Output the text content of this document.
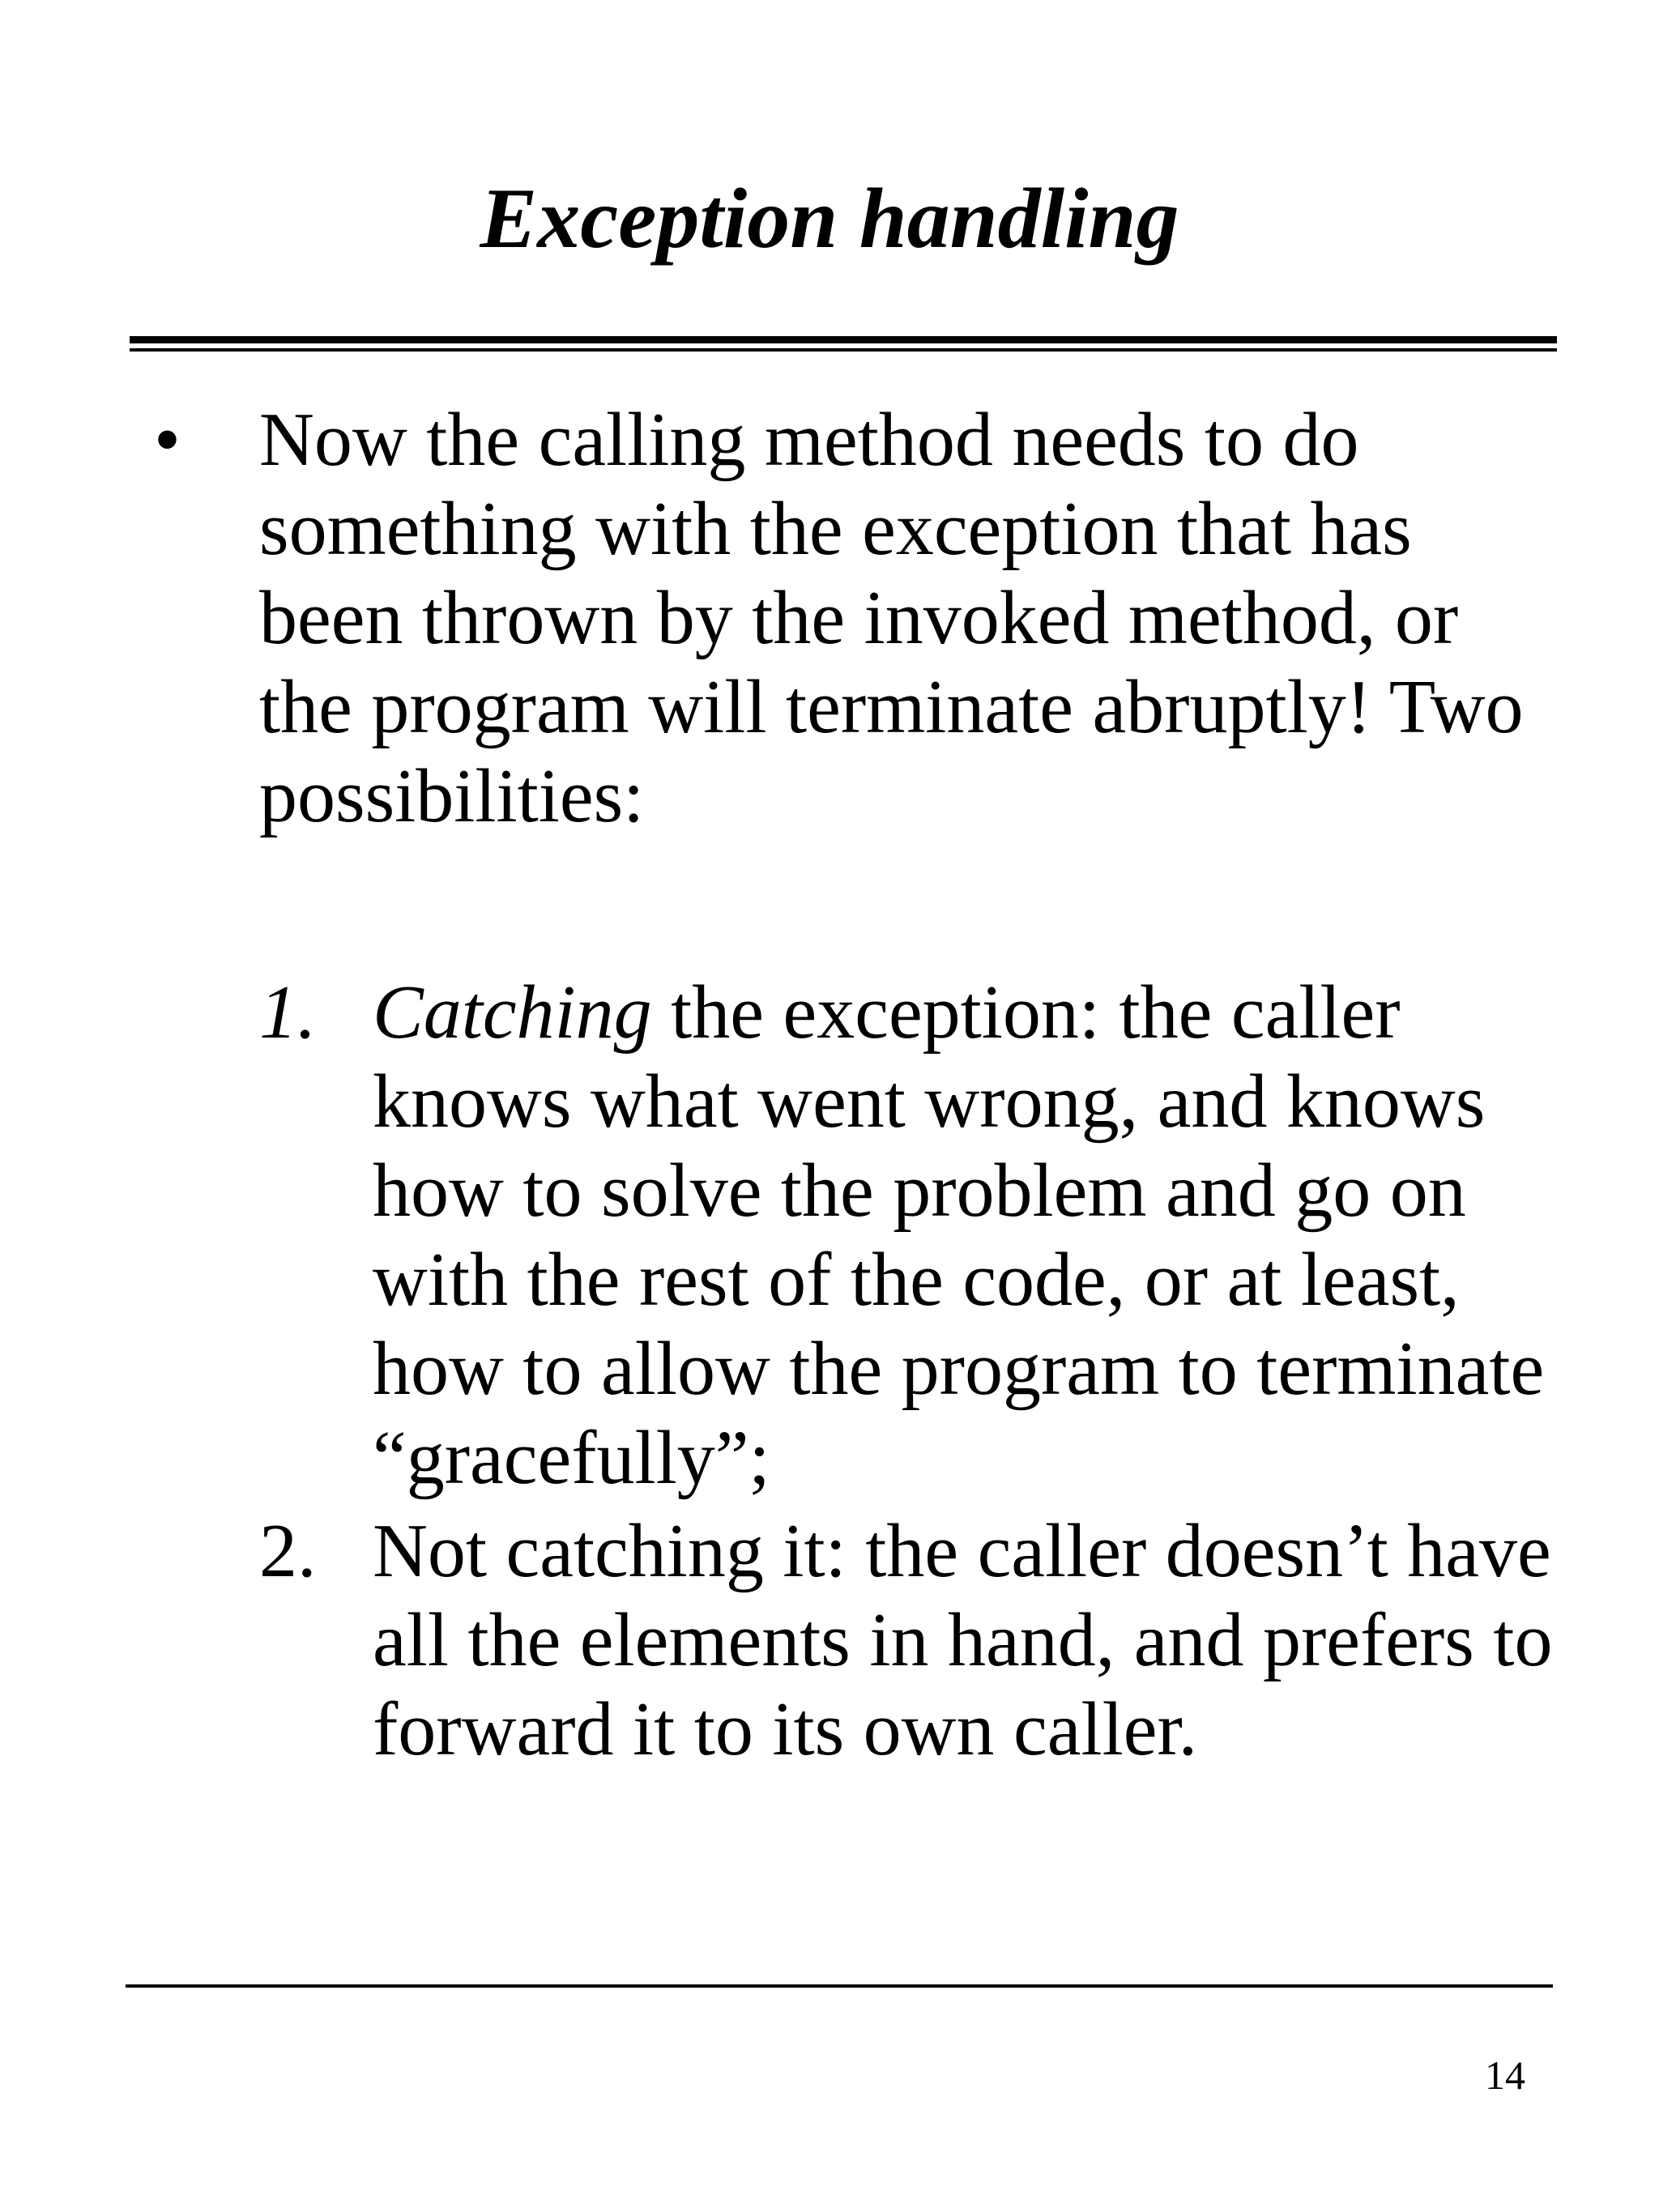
Exception handling
• Now the calling method needs to do
something with the exception that has
been thrown by the invoked method, or
the program will terminate abruptly! Two
possibilities:
1. Catching the exception: the caller
knows what went wrong, and knows
how to solve the problem and go on
with the rest of the code, or at least,
how to allow the program to terminate
“gracefully”;
2. Not catching it: the caller doesn’t have
all the elements in hand, and prefers to
forward it to its own caller.
14
